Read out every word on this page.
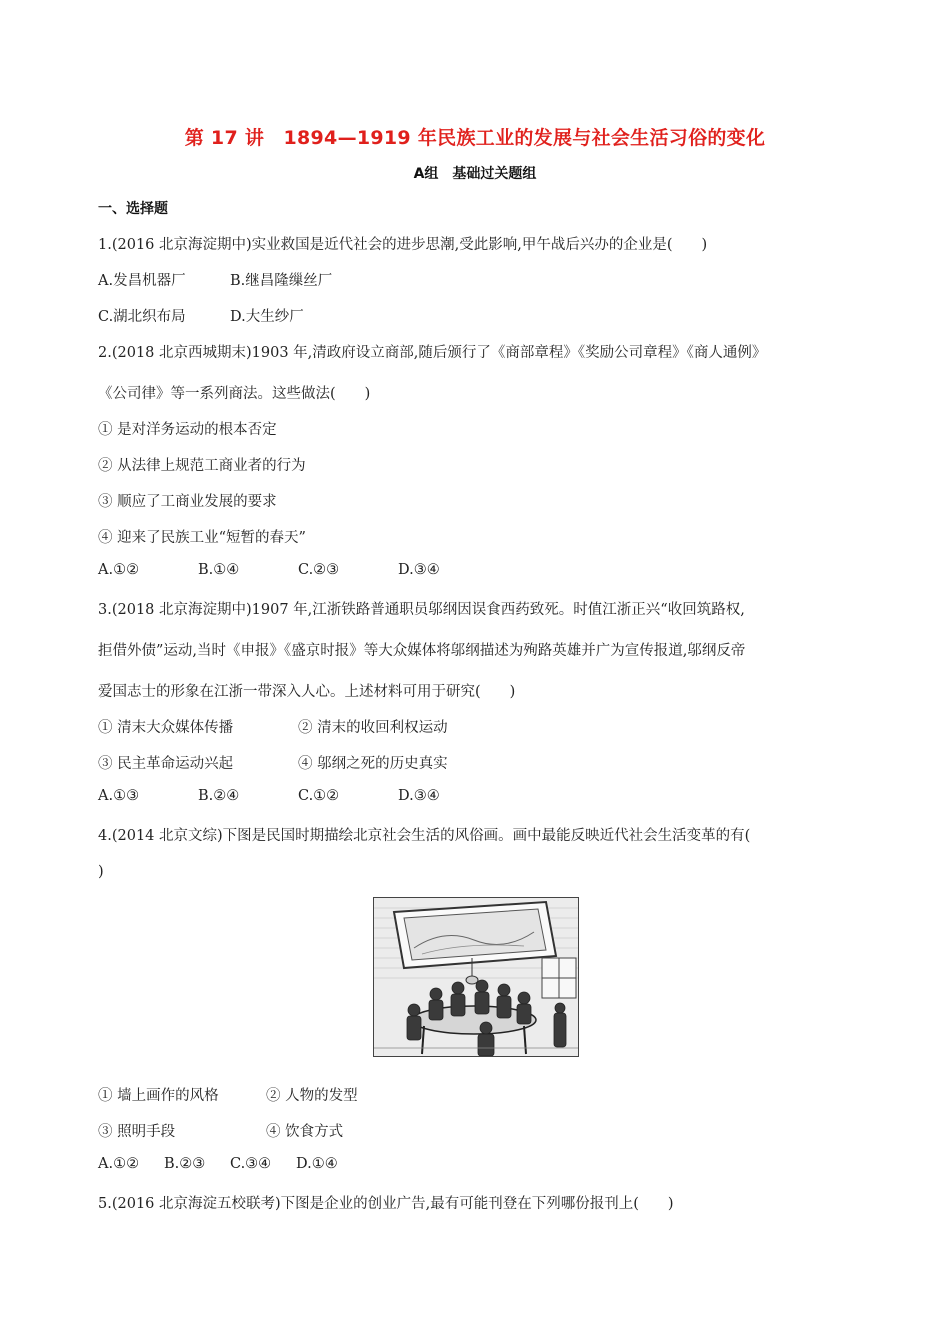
第 17 讲　1894—1919 年民族工业的发展与社会生活习俗的变化
A组　基础过关题组
一、选择题
1.(2016 北京海淀期中)实业救国是近代社会的进步思潮,受此影响,甲午战后兴办的企业是(　　)
A.发昌机器厂	B.继昌隆缫丝厂
C.湖北织布局	D.大生纱厂
2.(2018 北京西城期末)1903 年,清政府设立商部,随后颁行了《商部章程》《奖励公司章程》《商人通例》
《公司律》等一系列商法。这些做法(　　)
① 是对洋务运动的根本否定
② 从法律上规范工商业者的行为
③ 顺应了工商业发展的要求
④ 迎来了民族工业“短暂的春天”
A.①②	B.①④	C.②③	D.③④
3.(2018 北京海淀期中)1907 年,江浙铁路普通职员邬纲因误食西药致死。时值江浙正兴“收回筑路权,
拒借外债”运动,当时《申报》《盛京时报》等大众媒体将邬纲描述为殉路英雄并广为宣传报道,邬纲反帝
爱国志士的形象在江浙一带深入人心。上述材料可用于研究(　　)
① 清末大众媒体传播	② 清末的收回利权运动
③ 民主革命运动兴起	④ 邬纲之死的历史真实
A.①③	B.②④	C.①②	D.③④
4.(2014 北京文综)下图是民国时期描绘北京社会生活的风俗画。画中最能反映近代社会生活变革的有(
)
① 墙上画作的风格	② 人物的发型
③ 照明手段	④ 饮食方式
A.①② B.②③ C.③④ D.①④
5.(2016 北京海淀五校联考)下图是企业的创业广告,最有可能刊登在下列哪份报刊上(　　)
